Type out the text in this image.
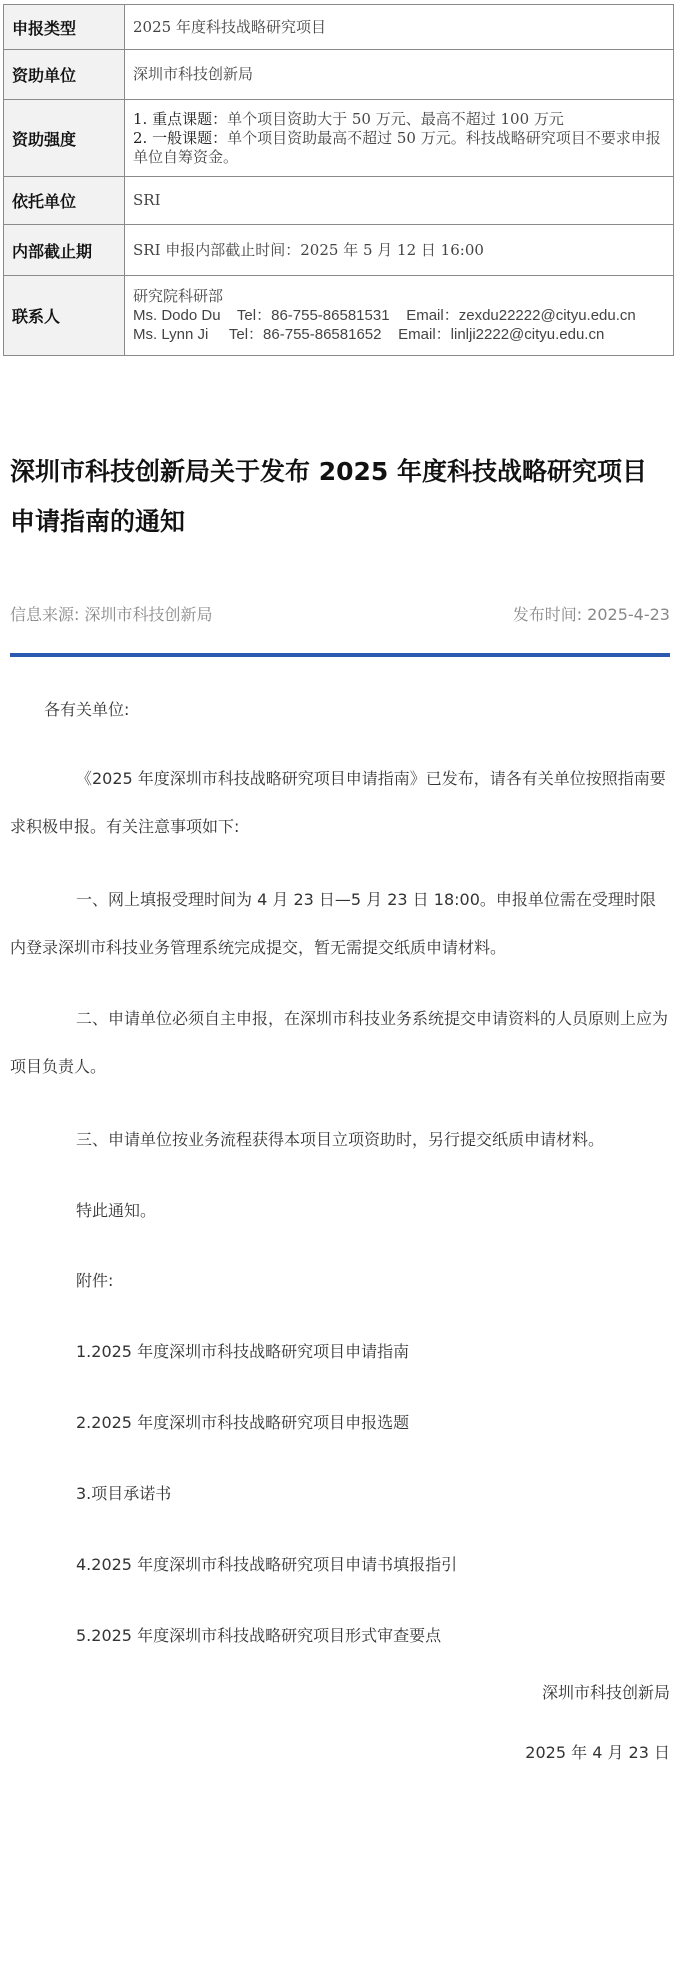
申报类型	2025 年度科技战略研究项目
资助单位	深圳市科技创新局
资助强度	1. 重点课题：单个项目资助大于 50 万元、最高不超过 100 万元
2. 一般课题：单个项目资助最高不超过 50 万元。科技战略研究项目不要求申报单位自筹资金。

依托单位	SRI
内部截止期	SRI 申报内部截止时间：2025 年 5 月 12 日 16:00
联系人	研究院科研部
Ms. Dodo Du    Tel：86-755-86581531    Email：zexdu22222@cityu.edu.cn
Ms. Lynn Ji     Tel：86-755-86581652    Email：linlji2222@cityu.edu.cn
深圳市科技创新局关于发布 2025 年度科技战略研究项目申请指南的通知
信息来源: 深圳市科技创新局	发布时间: 2025-4-23
各有关单位:
《2025 年度深圳市科技战略研究项目申请指南》已发布，请各有关单位按照指南要求积极申报。有关注意事项如下:
一、网上填报受理时间为 4 月 23 日—5 月 23 日 18:00。申报单位需在受理时限内登录深圳市科技业务管理系统完成提交，暂无需提交纸质申请材料。
二、申请单位必须自主申报，在深圳市科技业务系统提交申请资料的人员原则上应为项目负责人。
三、申请单位按业务流程获得本项目立项资助时，另行提交纸质申请材料。
特此通知。
附件:
1.2025 年度深圳市科技战略研究项目申请指南
2.2025 年度深圳市科技战略研究项目申报选题
3.项目承诺书
4.2025 年度深圳市科技战略研究项目申请书填报指引
5.2025 年度深圳市科技战略研究项目形式审查要点
深圳市科技创新局
2025 年 4 月 23 日
